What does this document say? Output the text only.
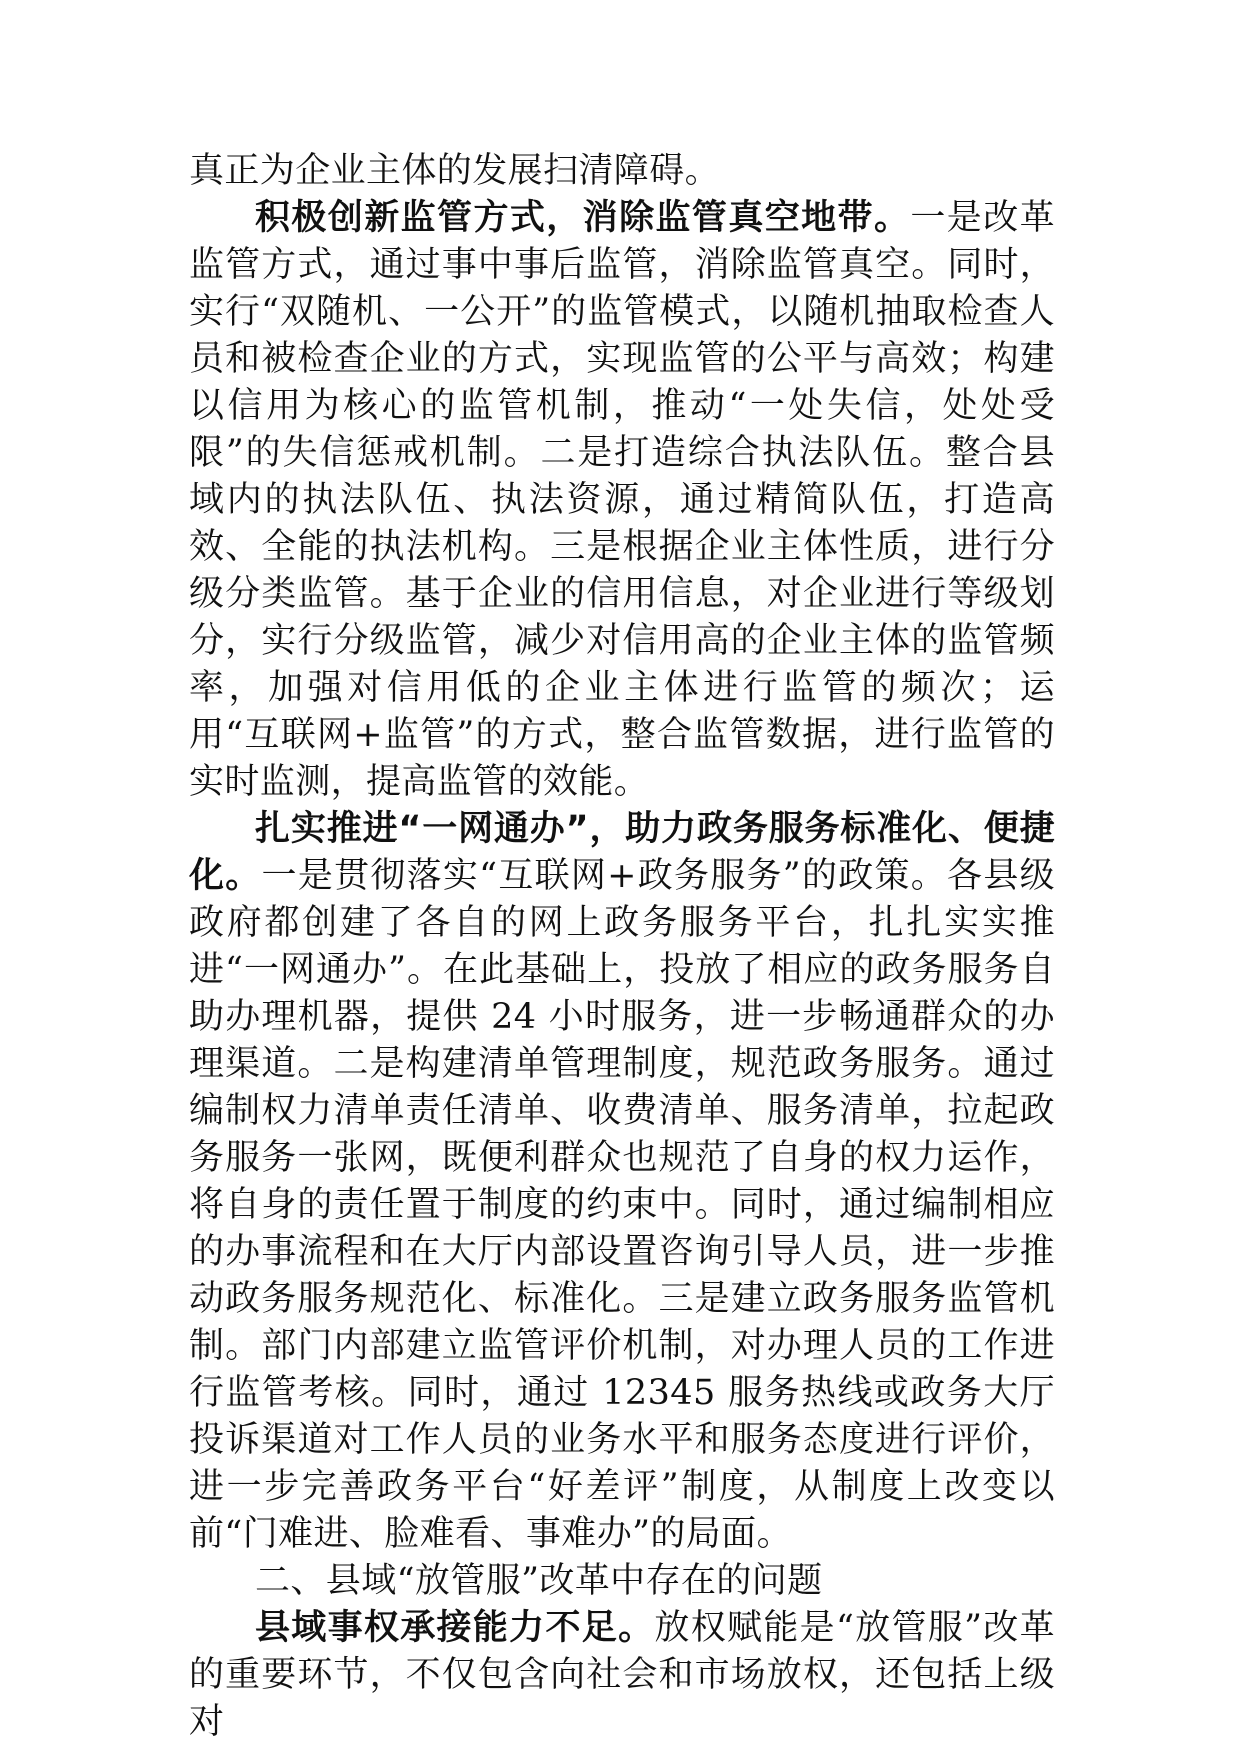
真正为企业主体的发展扫清障碍。

积极创新监管方式，消除监管真空地带。一是改革监管方式，通过事中事后监管，消除监管真空。同时，实行“双随机、一公开”的监管模式，以随机抽取检查人员和被检查企业的方式，实现监管的公平与高效；构建以信用为核心的监管机制，推动“一处失信，处处受限”的失信惩戒机制。二是打造综合执法队伍。整合县域内的执法队伍、执法资源，通过精简队伍，打造高效、全能的执法机构。三是根据企业主体性质，进行分级分类监管。基于企业的信用信息，对企业进行等级划分，实行分级监管，减少对信用高的企业主体的监管频率，加强对信用低的企业主体进行监管的频次；运用“互联网+监管”的方式，整合监管数据，进行监管的实时监测，提高监管的效能。

扎实推进“一网通办”，助力政务服务标准化、便捷化。一是贯彻落实“互联网+政务服务”的政策。各县级政府都创建了各自的网上政务服务平台，扎扎实实推进“一网通办”。在此基础上，投放了相应的政务服务自助办理机器，提供 24 小时服务，进一步畅通群众的办理渠道。二是构建清单管理制度，规范政务服务。通过编制权力清单责任清单、收费清单、服务清单，拉起政务服务一张网，既便利群众也规范了自身的权力运作，将自身的责任置于制度的约束中。同时，通过编制相应的办事流程和在大厅内部设置咨询引导人员，进一步推动政务服务规范化、标准化。三是建立政务服务监管机制。部门内部建立监管评价机制，对办理人员的工作进行监管考核。同时，通过 12345 服务热线或政务大厅投诉渠道对工作人员的业务水平和服务态度进行评价，进一步完善政务平台“好差评”制度，从制度上改变以前“门难进、脸难看、事难办”的局面。

二、县域“放管服”改革中存在的问题

县域事权承接能力不足。放权赋能是“放管服”改革的重要环节，不仅包含向社会和市场放权，还包括上级对
